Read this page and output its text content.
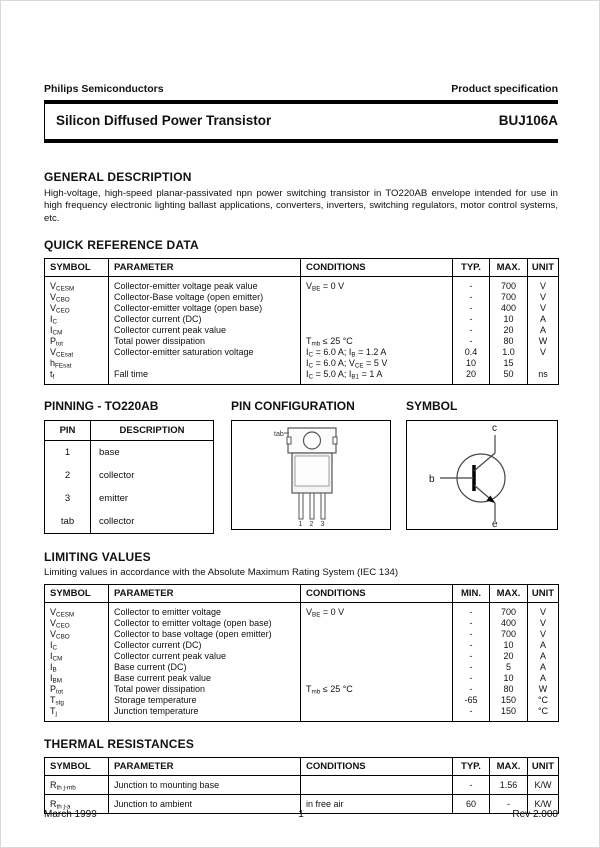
Philips Semiconductors	Product specification
Silicon Diffused Power Transistor	BUJ106A
GENERAL DESCRIPTION
High-voltage, high-speed planar-passivated npn power switching transistor in TO220AB envelope intended for use in high frequency electronic lighting ballast applications, converters, inverters, switching regulators, motor control systems, etc.
QUICK REFERENCE DATA
SYMBOL	PARAMETER	CONDITIONS	TYP.	MAX.	UNIT
$V_{CESM}$	Collector-emitter voltage peak value	$V_{BE} = 0$ V	-	700	V
$V_{CBO}$	Collector-Base voltage (open emitter)		-	700	V
$V_{CEO}$	Collector-emitter voltage (open base)		-	400	V
$I_C$	Collector current (DC)		-	10	A
$I_{CM}$	Collector current peak value		-	20	A
$P_{tot}$	Total power dissipation	$T_{mb} \le 25$ °C	-	80	W
$V_{CEsat}$	Collector-emitter saturation voltage	$I_C = 6.0$ A; $I_B = 1.2$ A	0.4	1.0	V
$h_{FEsat}$		$I_C = 6.0$ A; $V_{CE} = 5$ V	10	15	
$t_f$	Fall time	$I_C = 5.0$ A; $I_{B1} = 1$ A	20	50	ns
PINNING - TO220AB
PIN	DESCRIPTION
1	base
2	collector
3	emitter
tab	collector
PIN CONFIGURATION
tab
1 2 3
SYMBOL
c
b
e
LIMITING VALUES
Limiting values in accordance with the Absolute Maximum Rating System (IEC 134)
SYMBOL	PARAMETER	CONDITIONS	MIN.	MAX.	UNIT
$V_{CESM}$	Collector to emitter voltage	$V_{BE} = 0$ V	-	700	V
$V_{CEO}$	Collector to emitter voltage (open base)		-	400	V
$V_{CBO}$	Collector to base voltage (open emitter)		-	700	V
$I_C$	Collector current (DC)		-	10	A
$I_{CM}$	Collector current peak value		-	20	A
$I_B$	Base current (DC)		-	5	A
$I_{BM}$	Base current peak value		-	10	A
$P_{tot}$	Total power dissipation	$T_{mb} \le 25$ °C	-	80	W
$T_{stg}$	Storage temperature		-65	150	°C
$T_j$	Junction temperature		-	150	°C
THERMAL RESISTANCES
SYMBOL	PARAMETER	CONDITIONS	TYP.	MAX.	UNIT
$R_{th j-mb}$	Junction to mounting base		-	1.56	K/W
$R_{th j-a}$	Junction to ambient	in free air	60	-	K/W
March 1999	1	Rev 2.000
